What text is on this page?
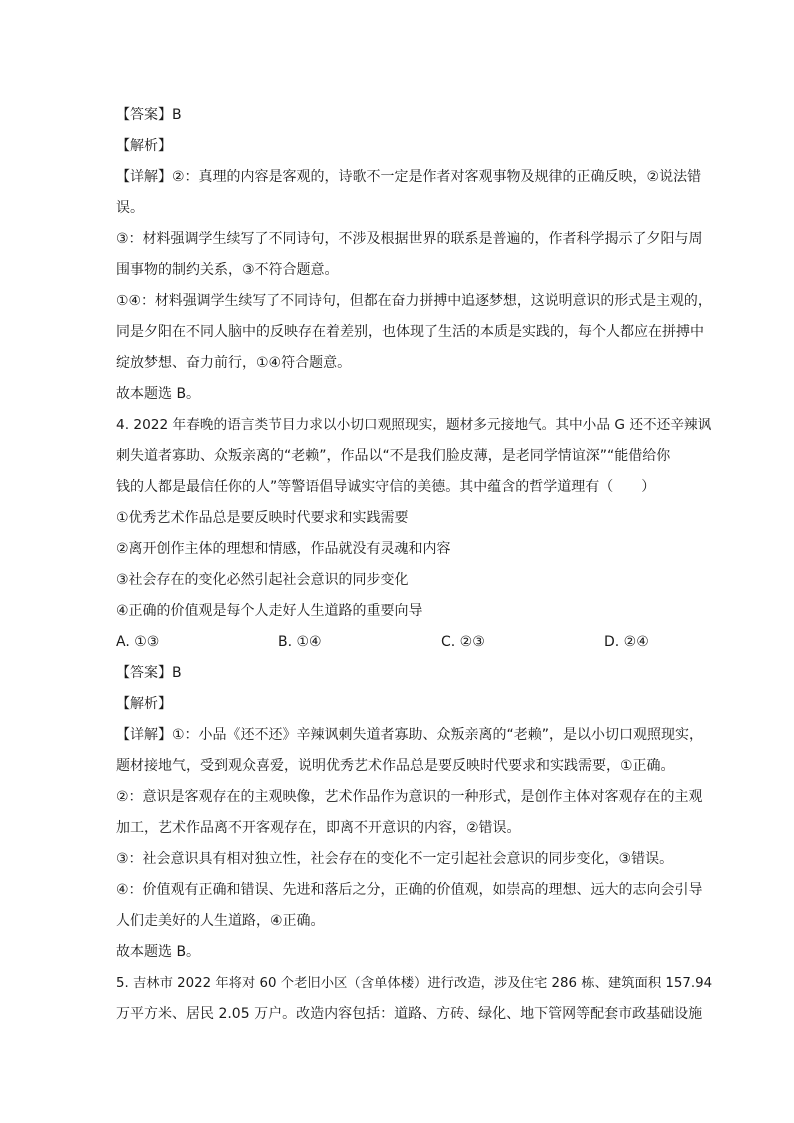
【答案】B
【解析】
【详解】②：真理的内容是客观的，诗歌不一定是作者对客观事物及规律的正确反映，②说法错
误。
③：材料强调学生续写了不同诗句，不涉及根据世界的联系是普遍的，作者科学揭示了夕阳与周
围事物的制约关系，③不符合题意。
①④：材料强调学生续写了不同诗句，但都在奋力拼搏中追逐梦想，这说明意识的形式是主观的，
同是夕阳在不同人脑中的反映存在着差别，也体现了生活的本质是实践的，每个人都应在拼搏中
绽放梦想、奋力前行，①④符合题意。
故本题选 B。
4. 2022 年春晚的语言类节目力求以小切口观照现实，题材多元接地气。其中小品 G 还不还辛辣讽
刺失道者寡助、众叛亲离的“老赖”，作品以“不是我们脸皮薄，是老同学情谊深”“能借给你
钱的人都是最信任你的人”等警语倡导诚实守信的美德。其中蕴含的哲学道理有（　　）
①优秀艺术作品总是要反映时代要求和实践需要
②离开创作主体的理想和情感，作品就没有灵魂和内容
③社会存在的变化必然引起社会意识的同步变化
④正确的价值观是每个人走好人生道路的重要向导
A. ①③	B. ①④	C. ②③	D. ②④
【答案】B
【解析】
【详解】①：小品《还不还》辛辣讽刺失道者寡助、众叛亲离的“老赖”，是以小切口观照现实，
题材接地气，受到观众喜爱，说明优秀艺术作品总是要反映时代要求和实践需要，①正确。
②：意识是客观存在的主观映像，艺术作品作为意识的一种形式，是创作主体对客观存在的主观
加工，艺术作品离不开客观存在，即离不开意识的内容，②错误。
③：社会意识具有相对独立性，社会存在的变化不一定引起社会意识的同步变化，③错误。
④：价值观有正确和错误、先进和落后之分，正确的价值观，如崇高的理想、远大的志向会引导
人们走美好的人生道路，④正确。
故本题选 B。
5. 吉林市 2022 年将对 60 个老旧小区（含单体楼）进行改造，涉及住宅 286 栋、建筑面积 157.94
万平方米、居民 2.05 万户。改造内容包括：道路、方砖、绿化、地下管网等配套市政基础设施
